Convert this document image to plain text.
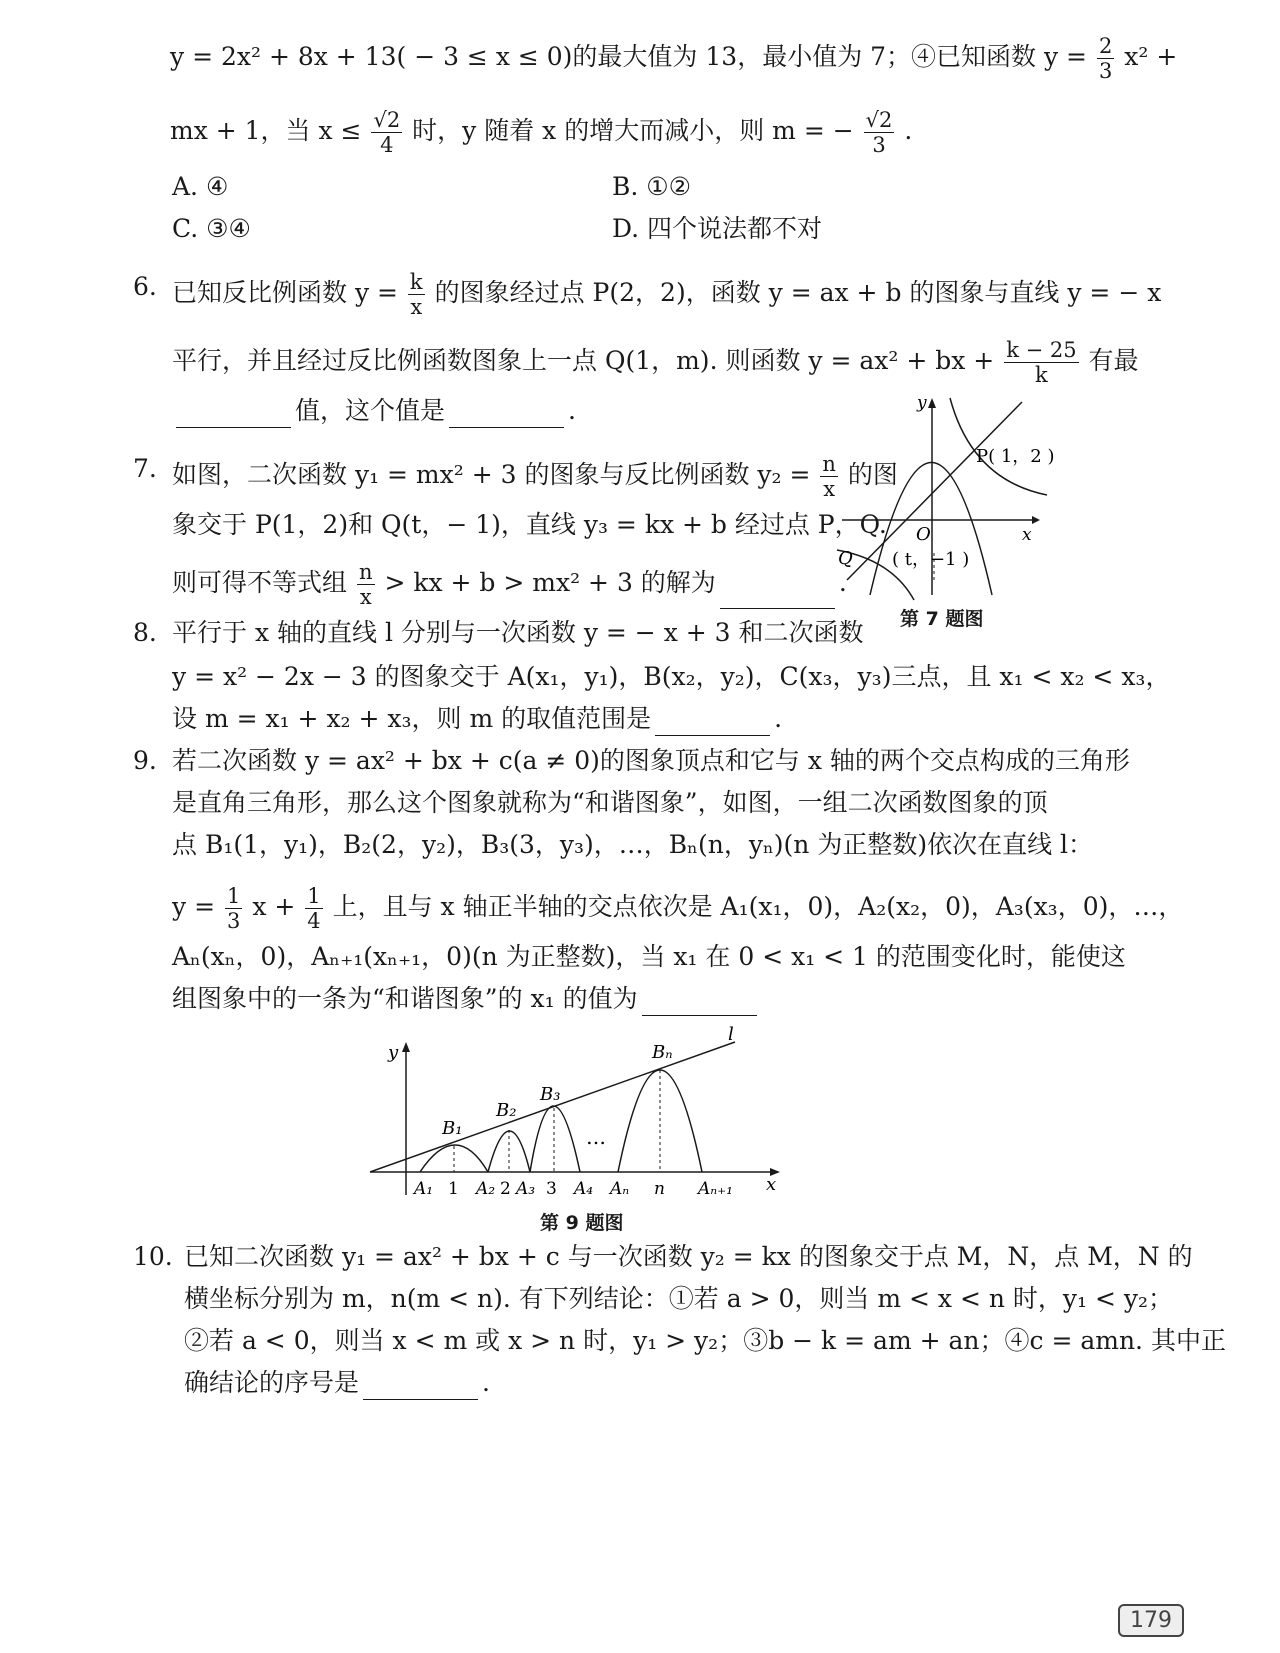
y = 2x² + 8x + 13( − 3 ≤ x ≤ 0)的最大值为 13，最小值为 7；④已知函数 $y = \frac{2}{3} x^2$ +
mx + 1，当 $x \le \frac{√2}{4}$ 时，y 随着 x 的增大而减小，则 m = − $\frac{√2}{3}$ .
A. ④	B. ①②
C. ③④	D. 四个说法都不对
6. 已知反比例函数 $y = \frac{k}{x}$ 的图象经过点 P(2，2)，函数 y = ax + b 的图象与直线 y = − x
平行，并且经过反比例函数图象上一点 Q(1，m). 则函数 y = ax² + bx + $\frac{k - 25}{k}$ 有最
值，这个值是	.
7. 如图，二次函数 y₁ = mx² + 3 的图象与反比例函数 $y_2 = \frac{n}{x}$ 的图
象交于 P(1，2)和 Q(t，− 1)，直线 y₃ = kx + b 经过点 P，Q.
则可得不等式组 $\frac{n}{x}$ > kx + b > mx² + 3 的解为	.
y
x
O
P( 1，2 )
Q ( t，−1 )
第 7 题图
8. 平行于 x 轴的直线 l 分别与一次函数 y = − x + 3 和二次函数
y = x² − 2x − 3 的图象交于 A(x₁，y₁)，B(x₂，y₂)，C(x₃，y₃)三点，且 x₁ < x₂ < x₃，
设 m = x₁ + x₂ + x₃，则 m 的取值范围是	.
9. 若二次函数 y = ax² + bx + c(a ≠ 0)的图象顶点和它与 x 轴的两个交点构成的三角形
是直角三角形，那么这个图象就称为“和谐图象”，如图，一组二次函数图象的顶
点 B₁(1，y₁)，B₂(2，y₂)，B₃(3，y₃)，…，Bₙ(n，yₙ)(n 为正整数)依次在直线 l：
$y = \frac{1}{3}$ $x + \frac{1}{4}$ 上，且与 x 轴正半轴的交点依次是 A₁(x₁，0)，A₂(x₂，0)，A₃(x₃，0)，…，
Aₙ(xₙ，0)，Aₙ₊₁(xₙ₊₁，0)(n 为正整数)，当 x₁ 在 0 < x₁ < 1 的范围变化时，能使这
组图象中的一条为“和谐图象”的 x₁ 的值为
y
x
l
B₁
B₂
B₃
Bₙ
…
A₁ 1 A₂ 2 A₃ 3 A₄ Aₙ n Aₙ₊₁
第 9 题图
10. 已知二次函数 y₁ = ax² + bx + c 与一次函数 y₂ = kx 的图象交于点 M，N，点 M，N 的
横坐标分别为 m，n(m < n). 有下列结论：①若 a > 0，则当 m < x < n 时，y₁ < y₂；
②若 a < 0，则当 x < m 或 x > n 时，y₁ > y₂；③b − k = am + an；④c = amn. 其中正
确结论的序号是	.
179
